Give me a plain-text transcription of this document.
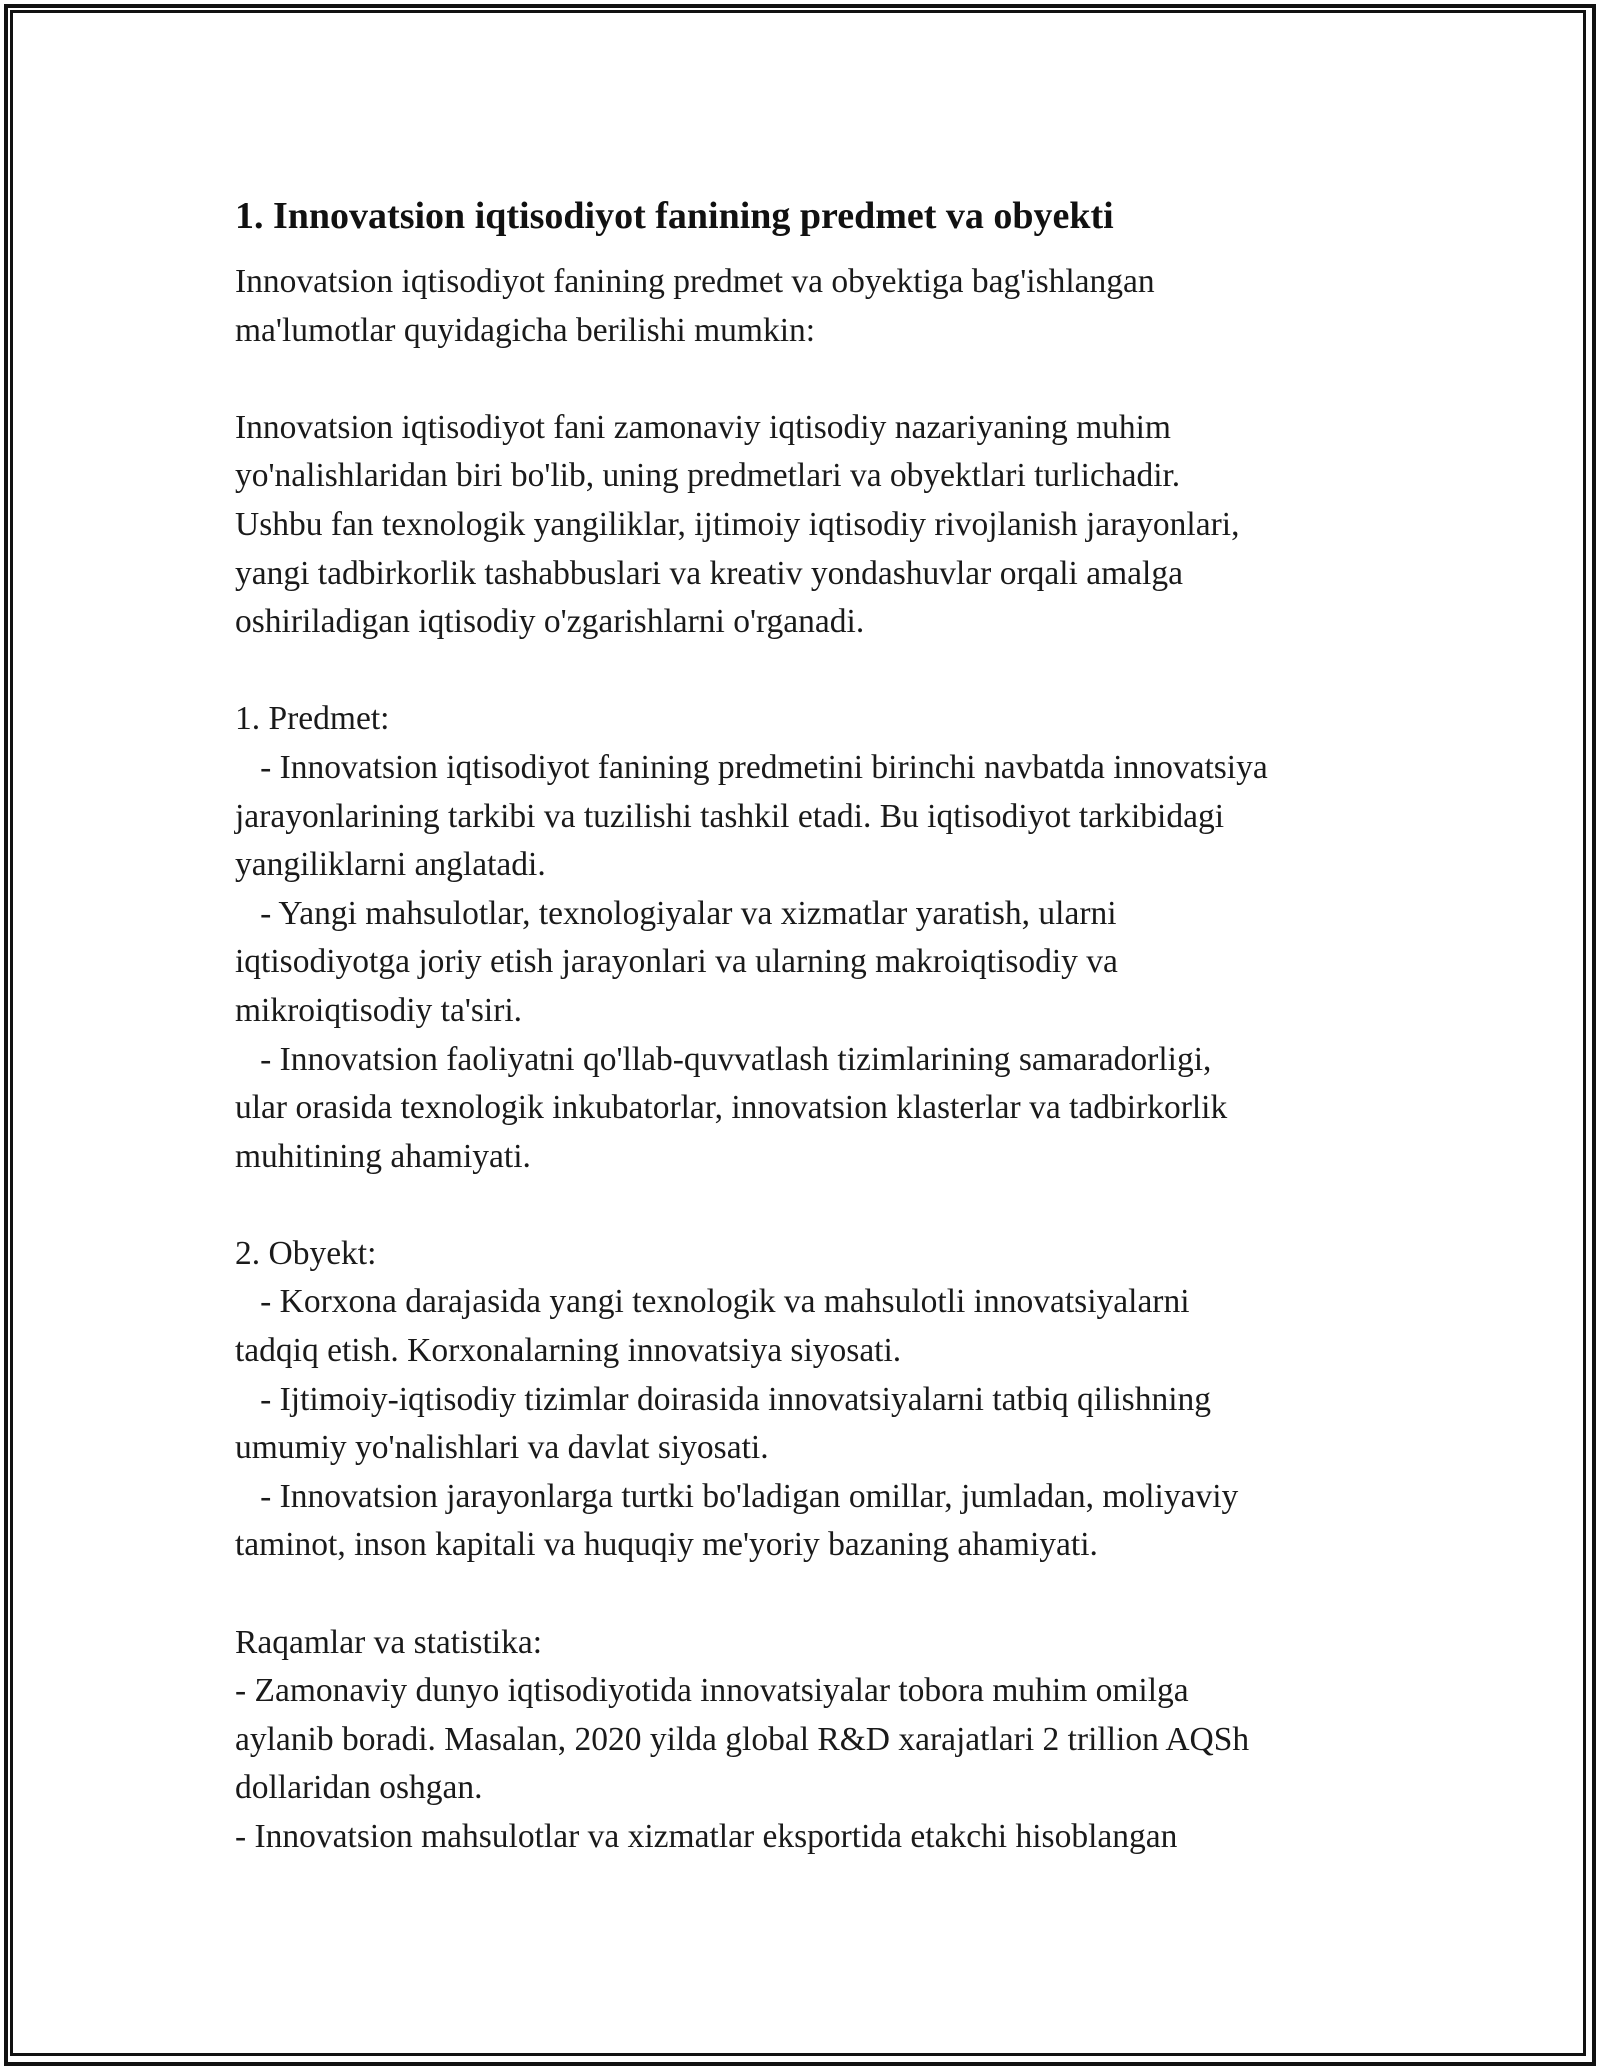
1. Innovatsion iqtisodiyot fanining predmet va obyekti
Innovatsion iqtisodiyot fanining predmet va obyektiga bag'ishlangan
ma'lumotlar quyidagicha berilishi mumkin:
Innovatsion iqtisodiyot fani zamonaviy iqtisodiy nazariyaning muhim
yo'nalishlaridan biri bo'lib, uning predmetlari va obyektlari turlichadir.
Ushbu fan texnologik yangiliklar, ijtimoiy iqtisodiy rivojlanish jarayonlari,
yangi tadbirkorlik tashabbuslari va kreativ yondashuvlar orqali amalga
oshiriladigan iqtisodiy o'zgarishlarni o'rganadi.
1. Predmet:
- Innovatsion iqtisodiyot fanining predmetini birinchi navbatda innovatsiya
jarayonlarining tarkibi va tuzilishi tashkil etadi. Bu iqtisodiyot tarkibidagi
yangiliklarni anglatadi.
- Yangi mahsulotlar, texnologiyalar va xizmatlar yaratish, ularni
iqtisodiyotga joriy etish jarayonlari va ularning makroiqtisodiy va
mikroiqtisodiy ta'siri.
- Innovatsion faoliyatni qo'llab-quvvatlash tizimlarining samaradorligi,
ular orasida texnologik inkubatorlar, innovatsion klasterlar va tadbirkorlik
muhitining ahamiyati.
2. Obyekt:
- Korxona darajasida yangi texnologik va mahsulotli innovatsiyalarni
tadqiq etish. Korxonalarning innovatsiya siyosati.
- Ijtimoiy-iqtisodiy tizimlar doirasida innovatsiyalarni tatbiq qilishning
umumiy yo'nalishlari va davlat siyosati.
- Innovatsion jarayonlarga turtki bo'ladigan omillar, jumladan, moliyaviy
taminot, inson kapitali va huquqiy me'yoriy bazaning ahamiyati.
Raqamlar va statistika:
- Zamonaviy dunyo iqtisodiyotida innovatsiyalar tobora muhim omilga
aylanib boradi. Masalan, 2020 yilda global R&D xarajatlari 2 trillion AQSh
dollaridan oshgan.
- Innovatsion mahsulotlar va xizmatlar eksportida etakchi hisoblangan
